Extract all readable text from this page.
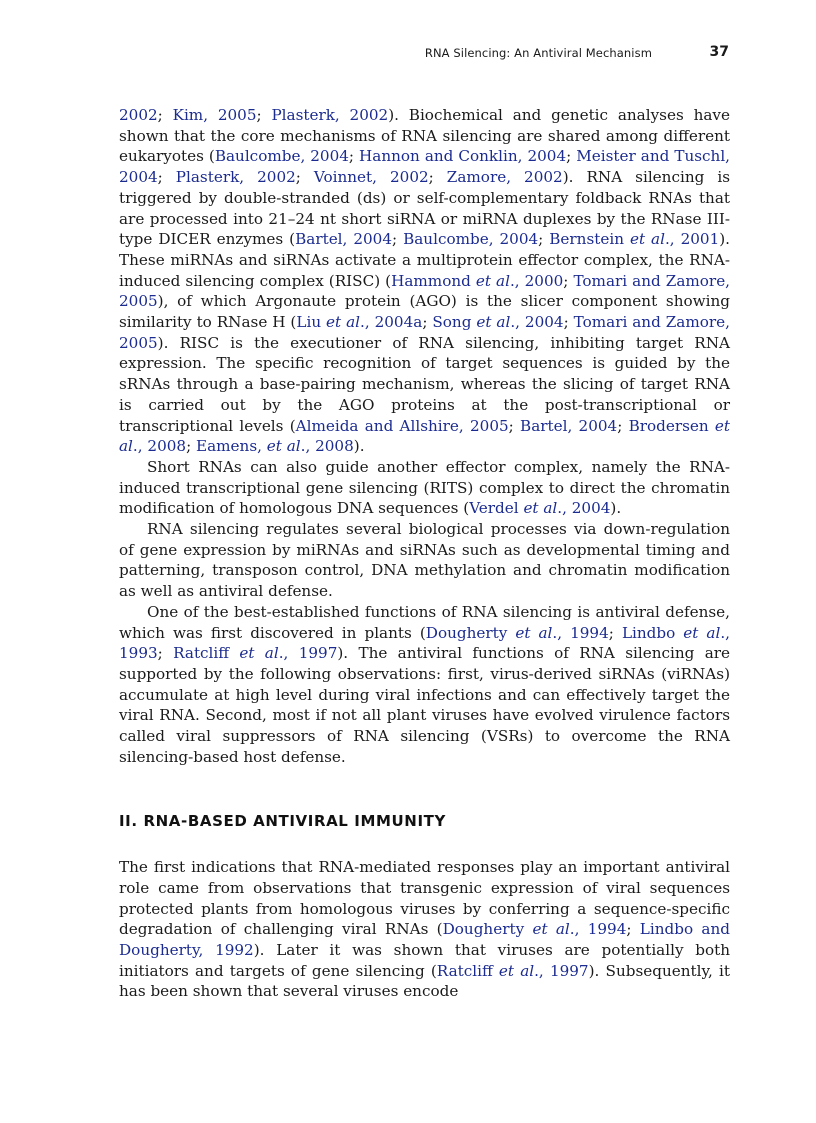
RNA Silencing: An Antiviral Mechanism	37

2002; Kim, 2005; Plasterk, 2002). Biochemical and genetic analyses have shown that the core mechanisms of RNA silencing are shared among different eukaryotes (Baulcombe, 2004; Hannon and Conklin, 2004; Meister and Tuschl, 2004; Plasterk, 2002; Voinnet, 2002; Zamore, 2002). RNA silencing is triggered by double-stranded (ds) or self-complementary foldback RNAs that are processed into 21–24 nt short siRNA or miRNA duplexes by the RNase III-type DICER enzymes (Bartel, 2004; Baulcombe, 2004; Bernstein et al., 2001). These miRNAs and siRNAs activate a multiprotein effector complex, the RNA-induced silencing complex (RISC) (Hammond et al., 2000; Tomari and Zamore, 2005), of which Argonaute protein (AGO) is the slicer component showing similarity to RNase H (Liu et al., 2004a; Song et al., 2004; Tomari and Zamore, 2005). RISC is the executioner of RNA silencing, inhibiting target RNA expression. The specific recognition of target sequences is guided by the sRNAs through a base-pairing mechanism, whereas the slicing of target RNA is carried out by the AGO proteins at the post-transcriptional or transcriptional levels (Almeida and Allshire, 2005; Bartel, 2004; Brodersen et al., 2008; Eamens, et al., 2008).

Short RNAs can also guide another effector complex, namely the RNA-induced transcriptional gene silencing (RITS) complex to direct the chromatin modification of homologous DNA sequences (Verdel et al., 2004).

RNA silencing regulates several biological processes via down-regulation of gene expression by miRNAs and siRNAs such as developmental timing and patterning, transposon control, DNA methylation and chromatin modification as well as antiviral defense.

One of the best-established functions of RNA silencing is antiviral defense, which was first discovered in plants (Dougherty et al., 1994; Lindbo et al., 1993; Ratcliff et al., 1997). The antiviral functions of RNA silencing are supported by the following observations: first, virus-derived siRNAs (viRNAs) accumulate at high level during viral infections and can effectively target the viral RNA. Second, most if not all plant viruses have evolved virulence factors called viral suppressors of RNA silencing (VSRs) to overcome the RNA silencing-based host defense.

II. RNA-BASED ANTIVIRAL IMMUNITY

The first indications that RNA-mediated responses play an important antiviral role came from observations that transgenic expression of viral sequences protected plants from homologous viruses by conferring a sequence-specific degradation of challenging viral RNAs (Dougherty et al., 1994; Lindbo and Dougherty, 1992). Later it was shown that viruses are potentially both initiators and targets of gene silencing (Ratcliff et al., 1997). Subsequently, it has been shown that several viruses encode
